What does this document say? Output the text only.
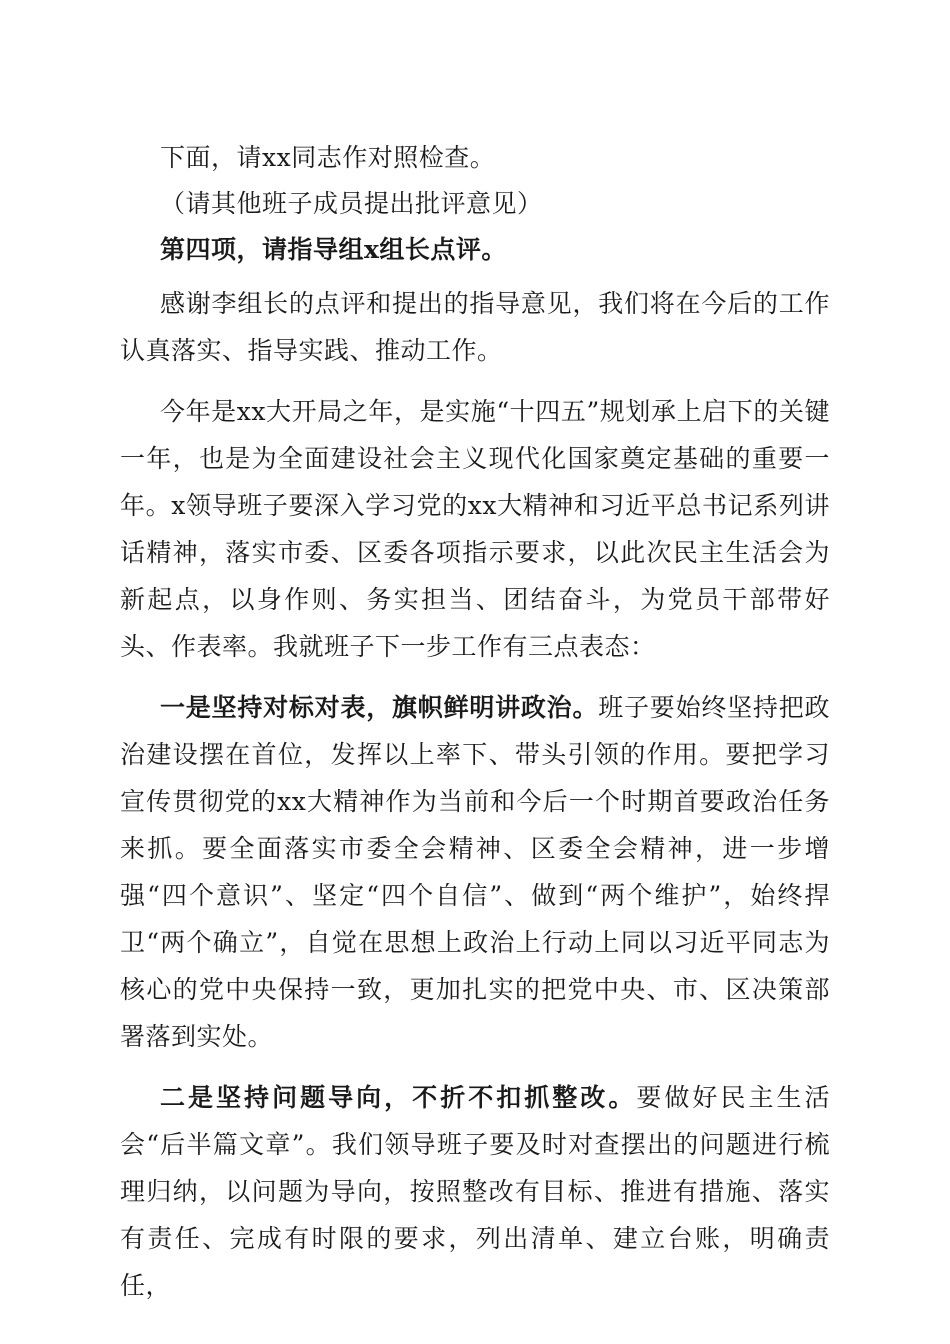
下面，请xx同志作对照检查。

（请其他班子成员提出批评意见）

第四项，请指导组x组长点评。

感谢李组长的点评和提出的指导意见，我们将在今后的工作认真落实、指导实践、推动工作。

今年是xx大开局之年，是实施“十四五”规划承上启下的关键一年，也是为全面建设社会主义现代化国家奠定基础的重要一年。x领导班子要深入学习党的xx大精神和习近平总书记系列讲话精神，落实市委、区委各项指示要求，以此次民主生活会为新起点，以身作则、务实担当、团结奋斗，为党员干部带好头、作表率。我就班子下一步工作有三点表态：

一是坚持对标对表，旗帜鲜明讲政治。班子要始终坚持把政治建设摆在首位，发挥以上率下、带头引领的作用。要把学习宣传贯彻党的xx大精神作为当前和今后一个时期首要政治任务来抓。要全面落实市委全会精神、区委全会精神，进一步增强“四个意识”、坚定“四个自信”、做到“两个维护”，始终捍卫“两个确立”，自觉在思想上政治上行动上同以习近平同志为核心的党中央保持一致，更加扎实的把党中央、市、区决策部署落到实处。

二是坚持问题导向，不折不扣抓整改。要做好民主生活会“后半篇文章”。我们领导班子要及时对查摆出的问题进行梳理归纳，以问题为导向，按照整改有目标、推进有措施、落实有责任、完成有时限的要求，列出清单、建立台账，明确责任，
